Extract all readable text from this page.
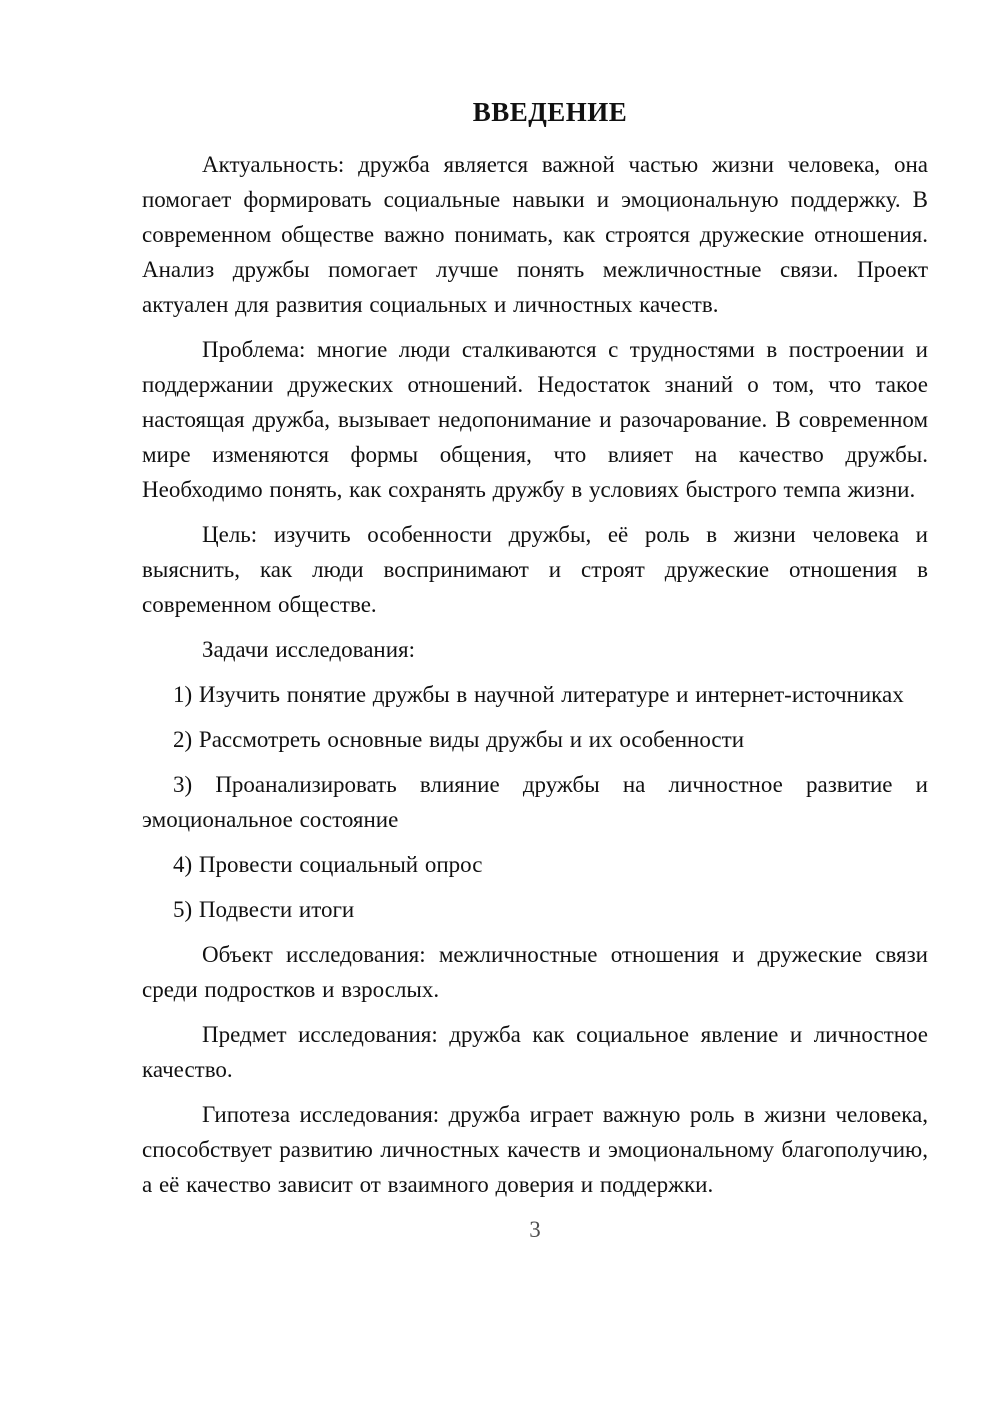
ВВЕДЕНИЕ

Актуальность: дружба является важной частью жизни человека, она помогает формировать социальные навыки и эмоциональную поддержку. В современном обществе важно понимать, как строятся дружеские отношения. Анализ дружбы помогает лучше понять межличностные связи. Проект актуален для развития социальных и личностных качеств.

Проблема: многие люди сталкиваются с трудностями в построении и поддержании дружеских отношений. Недостаток знаний о том, что такое настоящая дружба, вызывает недопонимание и разочарование. В современном мире изменяются формы общения, что влияет на качество дружбы. Необходимо понять, как сохранять дружбу в условиях быстрого темпа жизни.

Цель: изучить особенности дружбы, её роль в жизни человека и выяснить, как люди воспринимают и строят дружеские отношения в современном обществе.

Задачи исследования:

1) Изучить понятие дружбы в научной литературе и интернет‑источниках

2) Рассмотреть основные виды дружбы и их особенности

3) Проанализировать влияние дружбы на личностное развитие и эмоциональное состояние

4) Провести социальный опрос

5) Подвести итоги

Объект исследования: межличностные отношения и дружеские связи среди подростков и взрослых.

Предмет исследования: дружба как социальное явление и личностное качество.

Гипотеза исследования: дружба играет важную роль в жизни человека, способствует развитию личностных качеств и эмоциональному благополучию, а её качество зависит от взаимного доверия и поддержки.

3
